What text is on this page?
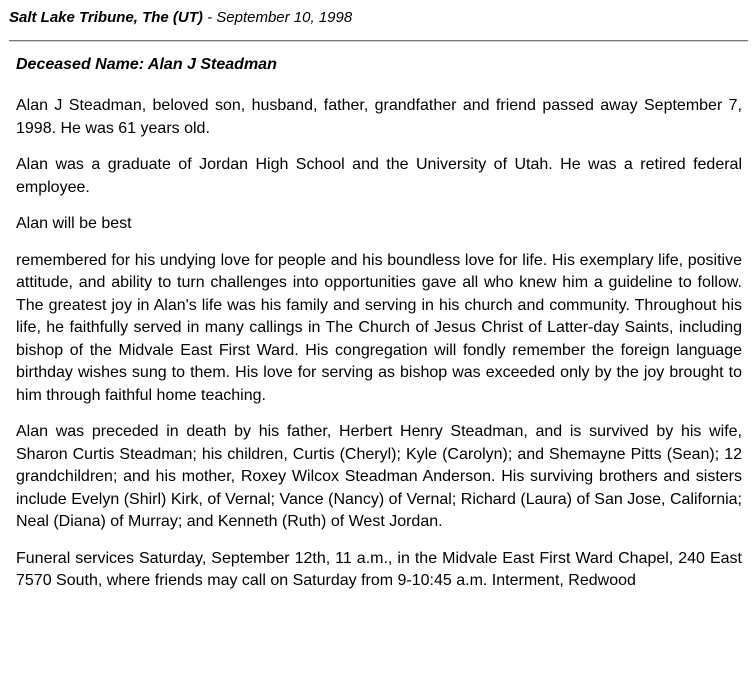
Salt Lake Tribune, The (UT) - September 10, 1998
Deceased Name: Alan J Steadman

Alan J Steadman, beloved son, husband, father, grandfather and friend passed away September 7, 1998. He was 61 years old.

Alan was a graduate of Jordan High School and the University of Utah. He was a retired federal employee.

Alan will be best

remembered for his undying love for people and his boundless love for life. His exemplary life, positive attitude, and ability to turn challenges into opportunities gave all who knew him a guideline to follow. The greatest joy in Alan's life was his family and serving in his church and community. Throughout his life, he faithfully served in many callings in The Church of Jesus Christ of Latter-day Saints, including bishop of the Midvale East First Ward. His congregation will fondly remember the foreign language birthday wishes sung to them. His love for serving as bishop was exceeded only by the joy brought to him through faithful home teaching.

Alan was preceded in death by his father, Herbert Henry Steadman, and is survived by his wife, Sharon Curtis Steadman; his children, Curtis (Cheryl); Kyle (Carolyn); and Shemayne Pitts (Sean); 12 grandchildren; and his mother, Roxey Wilcox Steadman Anderson. His surviving brothers and sisters include Evelyn (Shirl) Kirk, of Vernal; Vance (Nancy) of Vernal; Richard (Laura) of San Jose, California; Neal (Diana) of Murray; and Kenneth (Ruth) of West Jordan.

Funeral services Saturday, September 12th, 11 a.m., in the Midvale East First Ward Chapel, 240 East 7570 South, where friends may call on Saturday from 9-10:45 a.m. Interment, Redwood
